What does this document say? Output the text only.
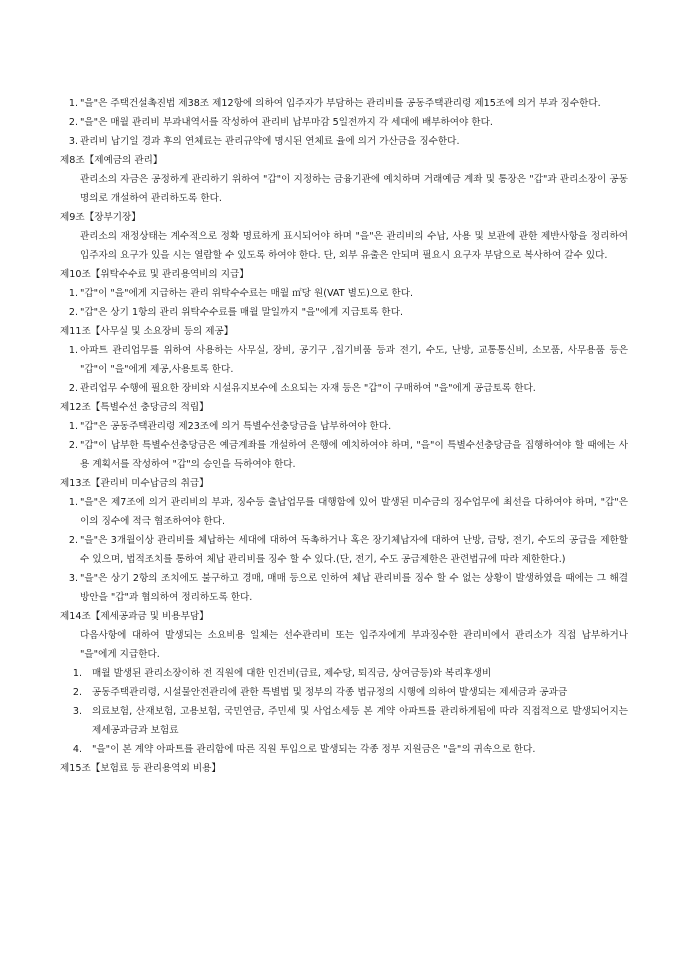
1 . "을"은 주택건설촉진법 제38조 제12항에 의하여 입주자가 부담하는 관리비를 공동주택관리령 제15조에 의거 부과 징수한다.
2 . "을"은 매월 관리비 부과내역서를 작성하여 관리비 납부마감 5일전까지 각 세대에 배부하여야 한다.
3 . 관리비 납기일 경과 후의 연체료는 관리규약에 명시된 연체료 율에 의거 가산금을 징수한다.
제8조【제예금의 관리】
관리소의 자금은 공정하게 관리하기 위하여 "갑"이 지정하는 금융기관에 예치하며 거래예금 계좌 및 통장은 "갑"과 관리소장이 공동명의로 개설하여 관리하도록 한다.
제9조【장부기장】
관리소의 재정상태는 계수적으로 정확 명료하게 표시되어야 하며 "을"은 관리비의 수납, 사용 및 보관에 관한 제반사항을 정리하여 입주자의 요구가 있을 시는 열람할 수 있도록 하여야 한다. 단, 외부 유출은 안되며 필요시 요구자 부담으로 복사하여 갈수 있다.
제10조【위탁수수료 및 관리용역비의 지급】
1 . "갑"이 "을"에게 지급하는 관리 위탁수수료는 매월 ㎡당 원(VAT 별도)으로 한다.
2 . "갑"은 상기 1항의 관리 위탁수수료를 매월 말일까지 "을"에게 지급토록 한다.
제11조【사무실 및 소요장비 등의 제공】
1 . 아파트 관리업무를 위하여 사용하는 사무실, 장비, 공기구 ,집기비품 등과 전기, 수도, 난방, 교통통신비, 소모품, 사무용품 등은 "갑"이 "을"에게 제공,사용토록 한다.
2 . 관리업무 수행에 필요한 장비와 시설유지보수에 소요되는 자재 등은 "갑"이 구매하여 "을"에게 공급토록 한다.
제12조【특별수선 충당금의 적립】
1 . "갑"은 공동주택관리령 제23조에 의거 특별수선충당금을 납부하여야 한다.
2 . "갑"이 납부한 특별수선충당금은 예금계좌를 개설하여 은행에 예치하여야 하며, "을"이 특별수선충당금을 집행하여야 할 때에는 사용 계획서를 작성하여 "갑"의 승인을 득하여야 한다.
제13조【관리비 미수납금의 취급】
1 . "을"은 제7조에 의거 관리비의 부과, 징수등 출납업무를 대행함에 있어 발생된 미수금의 징수업무에 최선을 다하여야 하며, "갑"은 이의 징수에 적극 협조하여야 한다.
2 . "을"은 3개월이상 관리비를 체납하는 세대에 대하여 독촉하거나 혹은 장기체납자에 대하여 난방, 급탕, 전기, 수도의 공급을 제한할 수 있으며, 법적조치를 통하여 체납 관리비를 징수 할 수 있다.(단, 전기, 수도 공급제한은 관련법규에 따라 제한한다.)
3 . "을"은 상기 2항의 조치에도 불구하고 경매, 매매 등으로 인하여 체납 관리비를 징수 할 수 없는 상황이 발생하였을 때에는 그 해결 방안을 "갑"과 협의하여 정리하도록 한다.
제14조【제세공과금 및 비용부담】
다음사항에 대하여 발생되는 소요비용 일체는 선수관리비 또는 입주자에게 부과징수한 관리비에서 관리소가 직접 납부하거나 "을"에게 지급한다.
1 .	매월 발생된 관리소장이하 전 직원에 대한 인건비(급료, 제수당, 퇴직금, 상여금등)와 복리후생비
2 .	공동주택관리령, 시설물안전관리에 관한 특별법 및 정부의 각종 법규정의 시행에 의하여 발생되는 제세금과 공과금
3 .	의료보험, 산재보험, 고용보험, 국민연금, 주민세 및 사업소세등 본 계약 아파트를 관리하게됨에 따라 직접적으로 발생되어지는 제세공과금과 보험료
4 .	"을"이 본 계약 아파트를 관리함에 따른 직원 투입으로 발생되는 각종 정부 지원금은 "을"의 귀속으로 한다.
제15조【보험료 등 관리용역외 비용】
